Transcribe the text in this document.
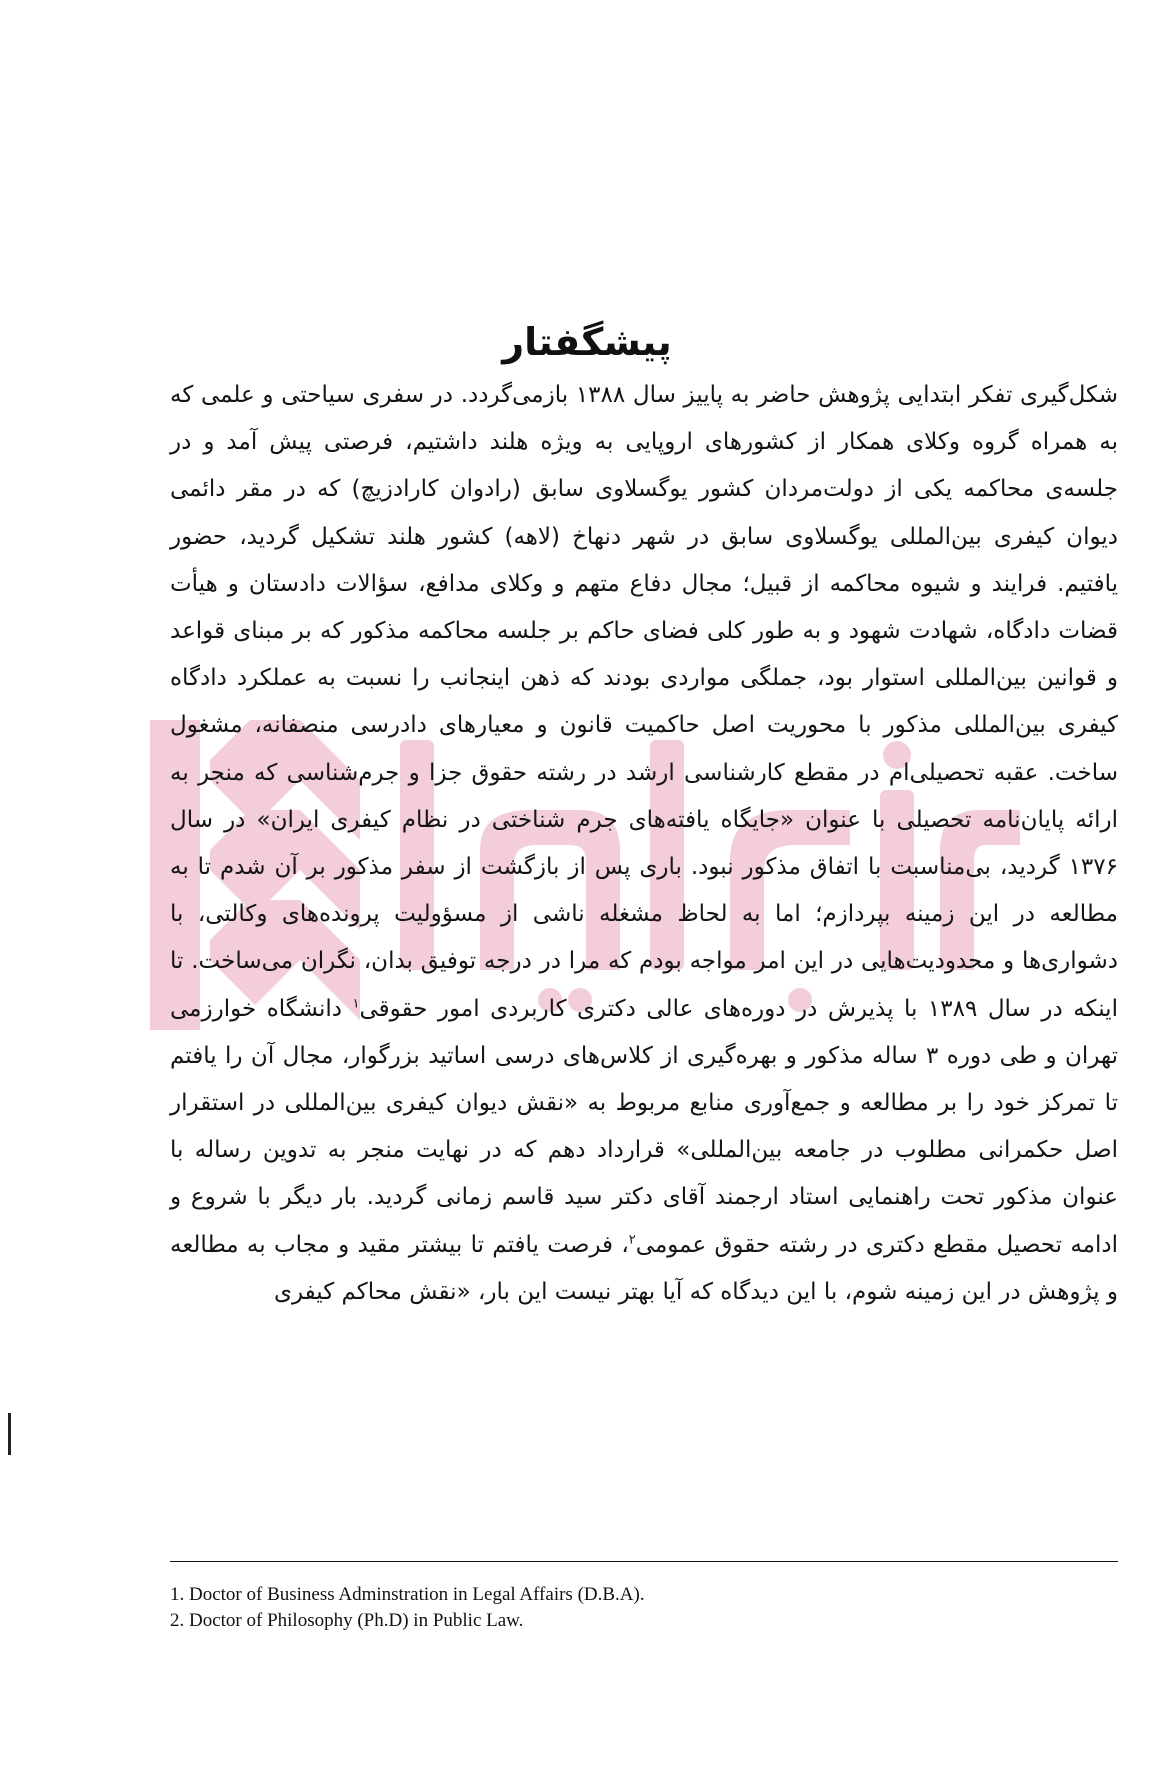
پیشگفتار

شکل‌گیری تفکر ابتدایی پژوهش حاضر به پاییز سال ۱۳۸۸ بازمی‌گردد. در سفری سیاحتی و علمی که به همراه گروه وکلای همکار از کشورهای اروپایی به ویژه هلند داشتیم، فرصتی پیش آمد و در جلسه‌ی محاکمه یکی از دولت‌مردان کشور یوگسلاوی سابق (رادوان کارادزیچ) که در مقر دائمی دیوان کیفری بین‌المللی یوگسلاوی سابق در شهر دنهاخ (لاهه) کشور هلند تشکیل گردید، حضور یافتیم. فرایند و شیوه محاکمه از قبیل؛ مجال دفاع متهم و وکلای مدافع، سؤالات دادستان و هیأت قضات دادگاه، شهادت شهود و به طور کلی فضای حاکم بر جلسه محاکمه مذکور که بر مبنای قواعد و قوانین بین‌المللی استوار بود، جملگی مواردی بودند که ذهن اینجانب را نسبت به عملکرد دادگاه کیفری بین‌المللی مذکور با محوریت اصل حاکمیت قانون و معیارهای دادرسی منصفانه، مشغول ساخت. عقبه تحصیلی‌ام در مقطع کارشناسی ارشد در رشته حقوق جزا و جرم‌شناسی که منجر به ارائه پایان‌نامه تحصیلی با عنوان «جایگاه یافته‌های جرم شناختی در نظام کیفری ایران» در سال ۱۳۷۶ گردید، بی‌مناسبت با اتفاق مذکور نبود. باری پس از بازگشت از سفر مذکور بر آن شدم تا به مطالعه در این زمینه بپردازم؛ اما به لحاظ مشغله ناشی از مسؤولیت پرونده‌های وکالتی، با دشواری‌ها و محدودیت‌هایی در این امر مواجه بودم که مرا در درجه توفیق بدان، نگران می‌ساخت. تا اینکه در سال ۱۳۸۹ با پذیرش در دوره‌های عالی دکتری کاربردی امور حقوقی$^۱$ دانشگاه خوارزمی تهران و طی دوره ۳ ساله مذکور و بهره‌گیری از کلاس‌های درسی اساتید بزرگوار، مجال آن را یافتم تا تمرکز خود را بر مطالعه و جمع‌آوری منابع مربوط به «نقش دیوان کیفری بین‌المللی در استقرار اصل حکمرانی مطلوب در جامعه بین‌المللی» قرارداد دهم که در نهایت منجر به تدوین رساله با عنوان مذکور تحت راهنمایی استاد ارجمند آقای دکتر سید قاسم زمانی گردید. بار دیگر با شروع و ادامه تحصیل مقطع دکتری در رشته حقوق عمومی$^۲$، فرصت یافتم تا بیشتر مقید و مجاب به مطالعه و پژوهش در این زمینه شوم، با این دیدگاه که آیا بهتر نیست این بار، «نقش محاکم کیفری

1. Doctor of Business Adminstration in Legal Affairs (D.B.A).
2. Doctor of Philosophy (Ph.D) in Public Law.
